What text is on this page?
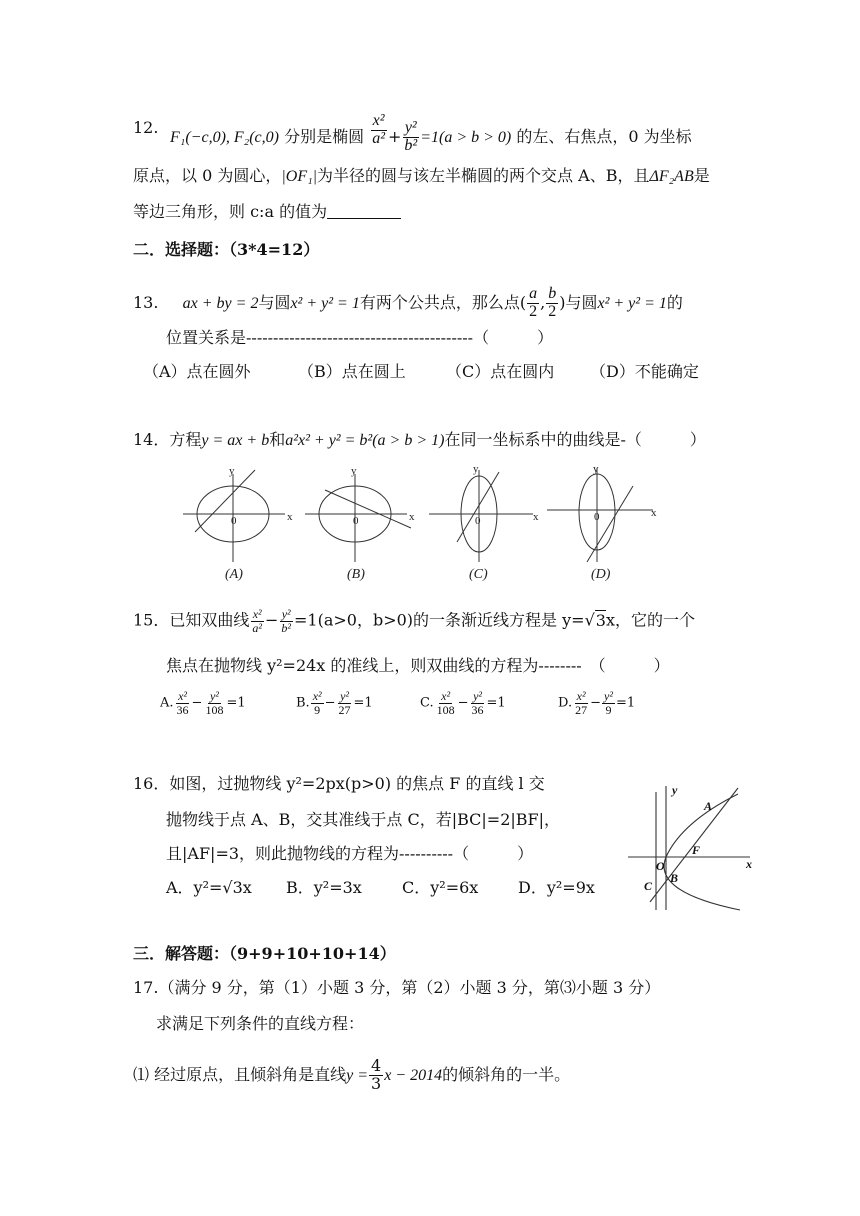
12.
F₁(−c,0), F₂(c,0) 分别是椭圆 $\frac{\text{x²}}{\text{a²}} + \frac{\text{y²}}{\text{b²}} =1(a > b > 0)$ 的左、右焦点，0 为坐标
原点，以 0 为圆心，|OF₁|为半径的圆与该左半椭圆的两个交点 A、B，且ΔF₂AB是
等边三角形，则 c:a 的值为
二．选择题：（3*4=12）
13. ax + by = 2与圆x² + y² = 1有两个公共点，那么点( $\frac{a}{2}$ , $\frac{b}{2}$ )与圆x² + y² = 1的
位置关系是------------------------------------------（　　　）
（A）点在圆外	（B）点在圆上	（C）点在圆内 （D）不能确定
14．方程y = ax + b和a²x² + y² = b²(a > b > 1)在同一坐标系中的曲线是-（　　　）
x
y
0	x
y
0	x
y
0
x
y
0
(A)	(B)	(C)	(D)
15．已知双曲线 $\frac{\text{x²}}{\text{a²}} - \frac{\text{y²}}{\text{b²}} =1(a>0$，b>0)的一条渐近线方程是 y=√3x，它的一个
焦点在抛物线 y²=24x 的准线上，则双曲线的方程为--------　（　　　）
A. $\frac{\text{x²}}{36} - \frac{\text{y²}}{108} =1$	B. $\frac{\text{x²}}{9} - \frac{\text{y²}}{27} =1$	C. $\frac{\text{x²}}{108} - \frac{\text{y²}}{36} =1$	D. $\frac{\text{x²}}{27} - \frac{\text{y²}}{9} =1$
16．如图，过抛物线 y²=2px(p>0) 的焦点 F 的直线 l 交
抛物线于点 A、B，交其准线于点 C，若|BC|=2|BF|，
且|AF|=3，则此抛物线的方程为----------（　　　）
A．y²=√3x B．y²=3x	C．y²=6x D．y²=9x
y
x
A
F
O
B
C
三．解答题：（9+9+10+10+14）
17.（满分 9 分，第（1）小题 3 分，第（2）小题 3 分，第⑶小题 3 分）
求满足下列条件的直线方程：
⑴ 经过原点，且倾斜角是直线$y = \frac{4}{3}$ x − 2014的倾斜角的一半。
